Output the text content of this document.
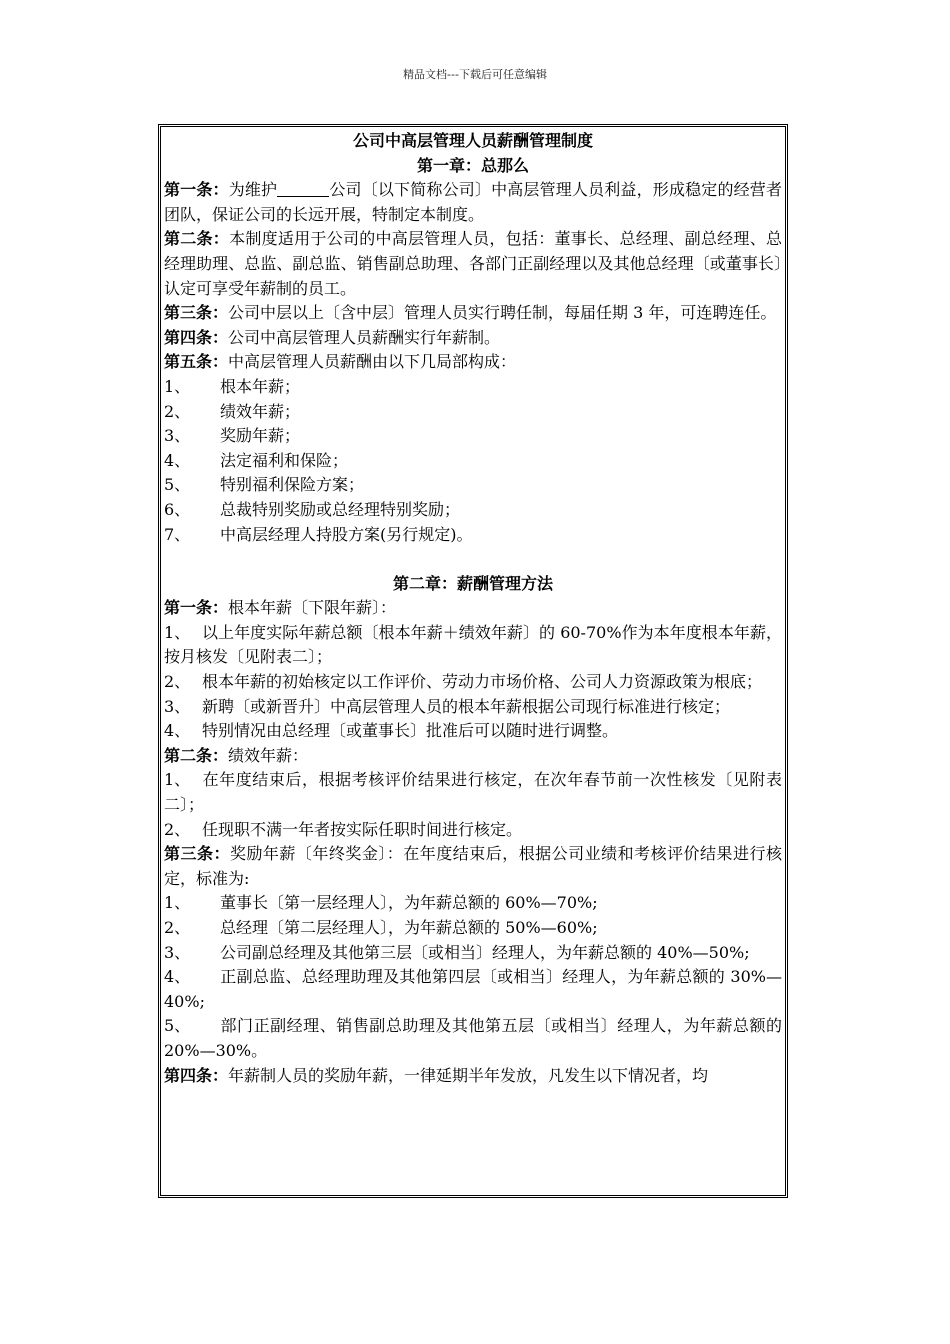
精品文档---下载后可任意编辑

公司中高层管理人员薪酬管理制度

第一章：总那么

第一条：为维护	公司〔以下简称公司〕中高层管理人员利益，形成稳定的经营者团队，保证公司的长远开展，特制定本制度。

第二条：本制度适用于公司的中高层管理人员，包括：董事长、总经理、副总经理、总经理助理、总监、副总监、销售副总助理、各部门正副经理以及其他总经理〔或董事长〕认定可享受年薪制的员工。

第三条：公司中层以上〔含中层〕管理人员实行聘任制，每届任期 3 年，可连聘连任。

第四条：公司中高层管理人员薪酬实行年薪制。

第五条：中高层管理人员薪酬由以下几局部构成：

1、 根本年薪；

2、 绩效年薪；

3、 奖励年薪；

4、 法定福利和保险；

5、 特别福利保险方案；

6、 总裁特别奖励或总经理特别奖励；

7、 中高层经理人持股方案(另行规定)。

第二章：薪酬管理方法

第一条：根本年薪〔下限年薪〕：

1、 以上年度实际年薪总额〔根本年薪＋绩效年薪〕的 60-70%作为本年度根本年薪，按月核发〔见附表二〕；

2、 根本年薪的初始核定以工作评价、劳动力市场价格、公司人力资源政策为根底；

3、 新聘〔或新晋升〕中高层管理人员的根本年薪根据公司现行标准进行核定；

4、 特别情况由总经理〔或董事长〕批准后可以随时进行调整。

第二条：绩效年薪：

1、 在年度结束后，根据考核评价结果进行核定，在次年春节前一次性核发〔见附表二〕；

2、 任现职不满一年者按实际任职时间进行核定。

第三条：奖励年薪〔年终奖金〕：在年度结束后，根据公司业绩和考核评价结果进行核定，标准为:

1、 董事长〔第一层经理人〕，为年薪总额的 60%—70%;

2、 总经理〔第二层经理人〕，为年薪总额的 50%—60%;

3、 公司副总经理及其他第三层〔或相当〕经理人，为年薪总额的 40%—50%;

4、 正副总监、总经理助理及其他第四层〔或相当〕经理人，为年薪总额的 30%—40%;

5、 部门正副经理、销售副总助理及其他第五层〔或相当〕经理人，为年薪总额的 20%—30%。

第四条：年薪制人员的奖励年薪，一律延期半年发放，凡发生以下情况者，均
